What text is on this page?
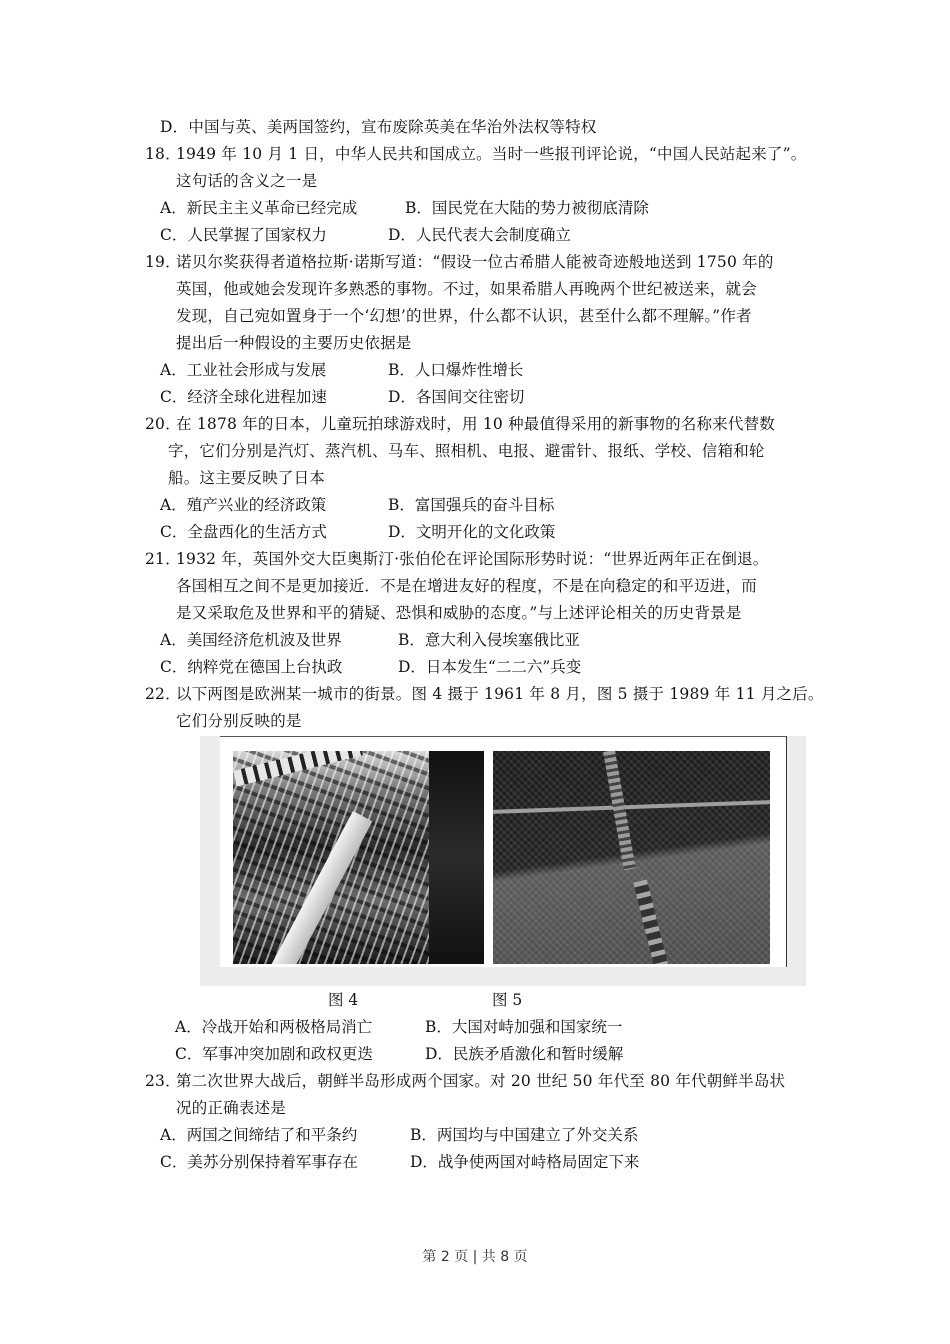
D．中国与英、美两国签约，宣布废除英美在华治外法权等特权
18．
1949 年 10 月 1 日，中华人民共和国成立。当时一些报刊评论说，“中国人民站起来了”。
这句话的含义之一是
A．新民主主义革命已经完成	B．国民党在大陆的势力被彻底清除
C．人民掌握了国家权力	D．人民代表大会制度确立
19．
诺贝尔奖获得者道格拉斯·诺斯写道：“假设一位古希腊人能被奇迹般地送到 1750 年的
英国，他或她会发现许多熟悉的事物。不过，如果希腊人再晚两个世纪被送来，就会
发现，自己宛如置身于一个‘幻想’的世界，什么都不认识，甚至什么都不理解。”作者
提出后一种假设的主要历史依据是
A．工业社会形成与发展	B．人口爆炸性增长
C．经济全球化进程加速	D．各国间交往密切
20．
在 1878 年的日本，儿童玩拍球游戏时，用 10 种最值得采用的新事物的名称来代替数
字，它们分别是汽灯、蒸汽机、马车、照相机、电报、避雷针、报纸、学校、信箱和轮
船。这主要反映了日本
A．殖产兴业的经济政策	B．富国强兵的奋斗目标
C．全盘西化的生活方式	D．文明开化的文化政策
21．
1932 年，英国外交大臣奥斯汀·张伯伦在评论国际形势时说：“世界近两年正在倒退。
各国相互之间不是更加接近．不是在增进友好的程度，不是在向稳定的和平迈进，而
是又采取危及世界和平的猜疑、恐惧和威胁的态度。”与上述评论相关的历史背景是
A．美国经济危机波及世界	B．意大利入侵埃塞俄比亚
C．纳粹党在德国上台执政	D．日本发生“二二六”兵变
22．
以下两图是欧洲某一城市的街景。图 4 摄于 1961 年 8 月，图 5 摄于 1989 年 11 月之后。
它们分别反映的是
图 4	图 5
A．冷战开始和两极格局消亡	B．大国对峙加强和国家统一
C．军事冲突加剧和政权更迭	D．民族矛盾激化和暂时缓解
23．
第二次世界大战后，朝鲜半岛形成两个国家。对 20 世纪 50 年代至 80 年代朝鲜半岛状
况的正确表述是
A．两国之间缔结了和平条约	B．两国均与中国建立了外交关系
C．美苏分别保持着军事存在	D．战争使两国对峙格局固定下来
第 2 页 | 共 8 页
